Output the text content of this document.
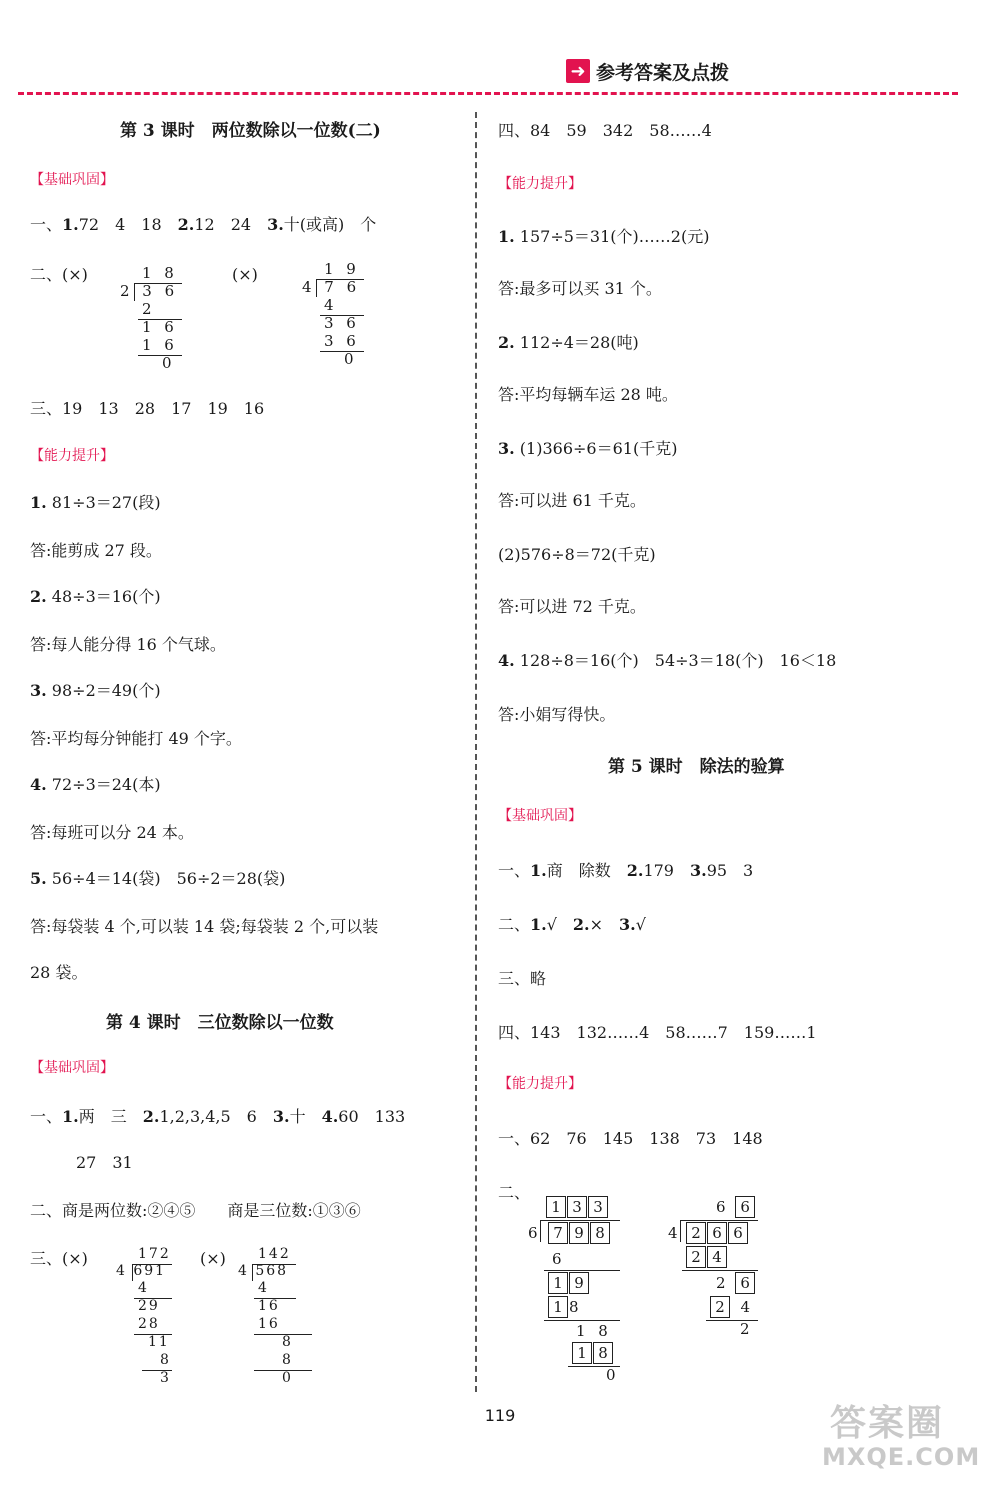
➜ 参考答案及点拨
第 3 课时　两位数除以一位数(二)
【基础巩固】
一、1.72　4　18　2.12　24　3.十(或高)　个
二、(×)	1 8
2 3 6
2
1 6
1 6
0
(×)	1 9
4 7 6
4
3 6
3 6
0
三、19　13　28　17　19　16
【能力提升】
1. 81÷3＝27(段)
答:能剪成 27 段。
2. 48÷3＝16(个)
答:每人能分得 16 个气球。
3. 98÷2＝49(个)
答:平均每分钟能打 49 个字。
4. 72÷3＝24(本)
答:每班可以分 24 本。
5. 56÷4＝14(袋)　56÷2＝28(袋)
答:每袋装 4 个,可以装 14 袋;每袋装 2 个,可以装
28 袋。
第 4 课时　三位数除以一位数
【基础巩固】
一、1.两　三　2.1,2,3,4,5　6　3.十　4.60　133
27　31
二、商是两位数:②④⑤　　商是三位数:①③⑥
三、(×)	172
4 691
4
29
28
11
8
3
(×) 142
4 568
4
16
16
8
8
0
四、84　59　342　58……4
【能力提升】
1. 157÷5＝31(个)……2(元)
答:最多可以买 31 个。
2. 112÷4＝28(吨)
答:平均每辆车运 28 吨。
3. (1)366÷6＝61(千克)
答:可以进 61 千克。
(2)576÷8＝72(千克)
答:可以进 72 千克。
4. 128÷8＝16(个)　54÷3＝18(个)　16＜18
答:小娟写得快。
第 5 课时　除法的验算
【基础巩固】
一、1.商　除数　2.179　3.95　3
二、1.√　2.×　3.√
三、略
四、143　132……4　58……7　159……1
【能力提升】
一、62　76　145　138　73　148
二、
1 3 3
6 7 9 8
6
1 9
1 8
1 8
1 8
0
6 6
4 2 6 6
2 4
2 6
2 4
2
119	答案圈
MXQE.COM
